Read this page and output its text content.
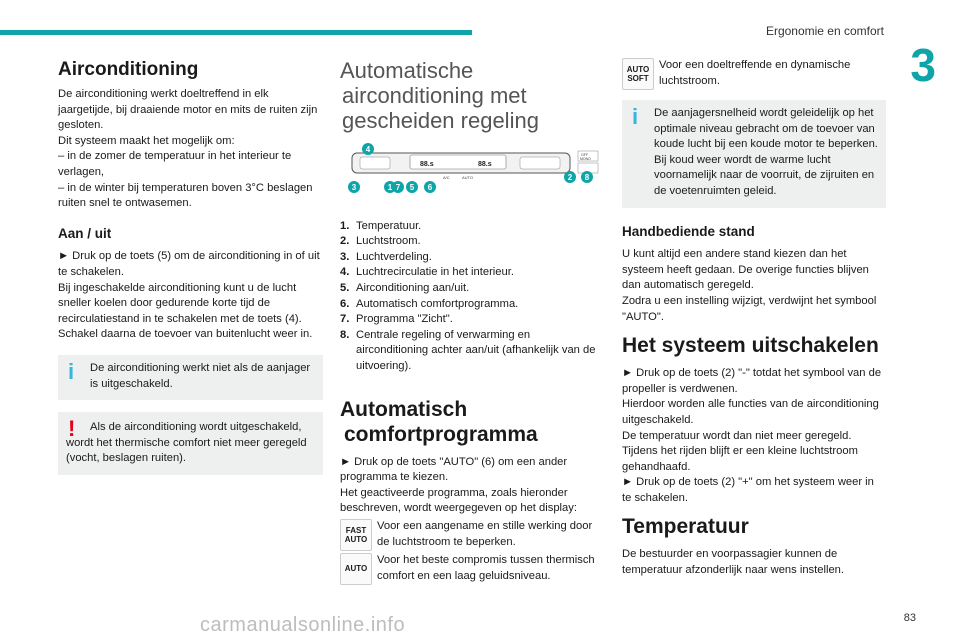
Ergonomie en comfort
3
Airconditioning

De airconditioning werkt doeltreffend in elk jaargetijde, bij draaiende motor en mits de ruiten zijn gesloten.

Dit systeem maakt het mogelijk om:

– in de zomer de temperatuur in het interieur te verlagen,

– in de winter bij temperaturen boven 3°C beslagen ruiten snel te ontwasemen.

Aan / uit

► Druk op de toets (5) om de airconditioning in of uit te schakelen.

Bij ingeschakelde airconditioning kunt u de lucht sneller koelen door gedurende korte tijd de recirculatiestand in te schakelen met de toets (4). Schakel daarna de toevoer van buitenlucht weer in.

i	De airconditioning werkt niet als de aanjager is uitgeschakeld.

!	Als de airconditioning wordt uitgeschakeld,

wordt het thermische comfort niet meer geregeld (vocht, beslagen ruiten).

Automatische
airconditioning met
gescheiden regeling
88.s	88.s
A/C	AUTO
OFF
MONO
1
2
3
4
5 6
7
8
1. Temperatuur.
2. Luchtstroom.
3. Luchtverdeling.
4. Luchtrecirculatie in het interieur.
5. Airconditioning aan/uit.
6. Automatisch comfortprogramma.
7. Programma "Zicht".
8. Centrale regeling of verwarming en airconditioning achter aan/uit (afhankelijk van de uitvoering).
Automatisch
comfortprogramma

► Druk op de toets "AUTO" (6) om een ander programma te kiezen.

Het geactiveerde programma, zoals hieronder beschreven, wordt weergegeven op het display:

FAST AUTO

Voor een aangename en stille werking door de luchtstroom te beperken.

AUTO

Voor het beste compromis tussen thermisch comfort en een laag geluidsniveau.

AUTO SOFT

Voor een doeltreffende en dynamische luchtstroom.

i	De aanjagersnelheid wordt geleidelijk op het optimale niveau gebracht om de toevoer van koude lucht bij een koude motor te beperken. Bij koud weer wordt de warme lucht voornamelijk naar de voorruit, de zijruiten en de voetenruimten geleid.

Handbediende stand

U kunt altijd een andere stand kiezen dan het systeem heeft gedaan. De overige functies blijven dan automatisch geregeld.

Zodra u een instelling wijzigt, verdwijnt het symbool "AUTO".

Het systeem uitschakelen

► Druk op de toets (2) "-" totdat het symbool van de propeller is verdwenen.

Hierdoor worden alle functies van de airconditioning uitgeschakeld.

De temperatuur wordt dan niet meer geregeld.

Tijdens het rijden blijft er een kleine luchtstroom gehandhaafd.

► Druk op de toets (2) "+" om het systeem weer in te schakelen.

Temperatuur

De bestuurder en voorpassagier kunnen de temperatuur afzonderlijk naar wens instellen.

83
carmanualsonline.info
